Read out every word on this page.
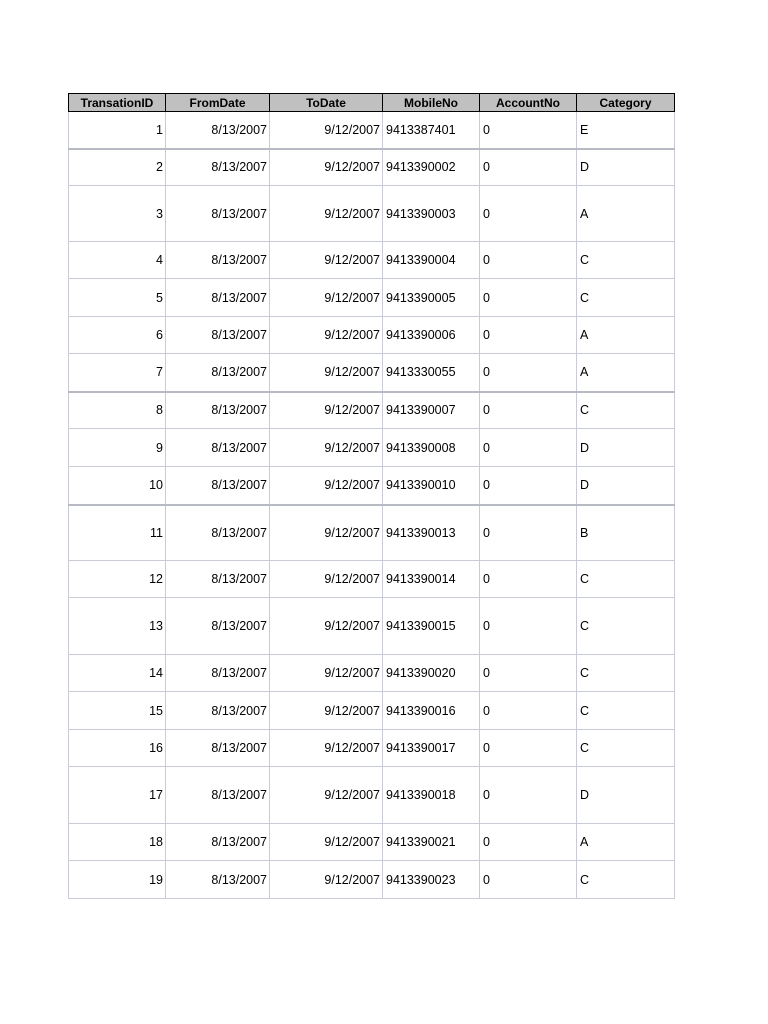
TransationID	FromDate	ToDate	MobileNo	AccountNo	Category
1	8/13/2007	9/12/2007	9413387401	0	E
2	8/13/2007	9/12/2007	9413390002	0	D
3	8/13/2007	9/12/2007	9413390003	0	A
4	8/13/2007	9/12/2007	9413390004	0	C
5	8/13/2007	9/12/2007	9413390005	0	C
6	8/13/2007	9/12/2007	9413390006	0	A
7	8/13/2007	9/12/2007	9413330055	0	A
8	8/13/2007	9/12/2007	9413390007	0	C
9	8/13/2007	9/12/2007	9413390008	0	D
10	8/13/2007	9/12/2007	9413390010	0	D
11	8/13/2007	9/12/2007	9413390013	0	B
12	8/13/2007	9/12/2007	9413390014	0	C
13	8/13/2007	9/12/2007	9413390015	0	C
14	8/13/2007	9/12/2007	9413390020	0	C
15	8/13/2007	9/12/2007	9413390016	0	C
16	8/13/2007	9/12/2007	9413390017	0	C
17	8/13/2007	9/12/2007	9413390018	0	D
18	8/13/2007	9/12/2007	9413390021	0	A
19	8/13/2007	9/12/2007	9413390023	0	C
